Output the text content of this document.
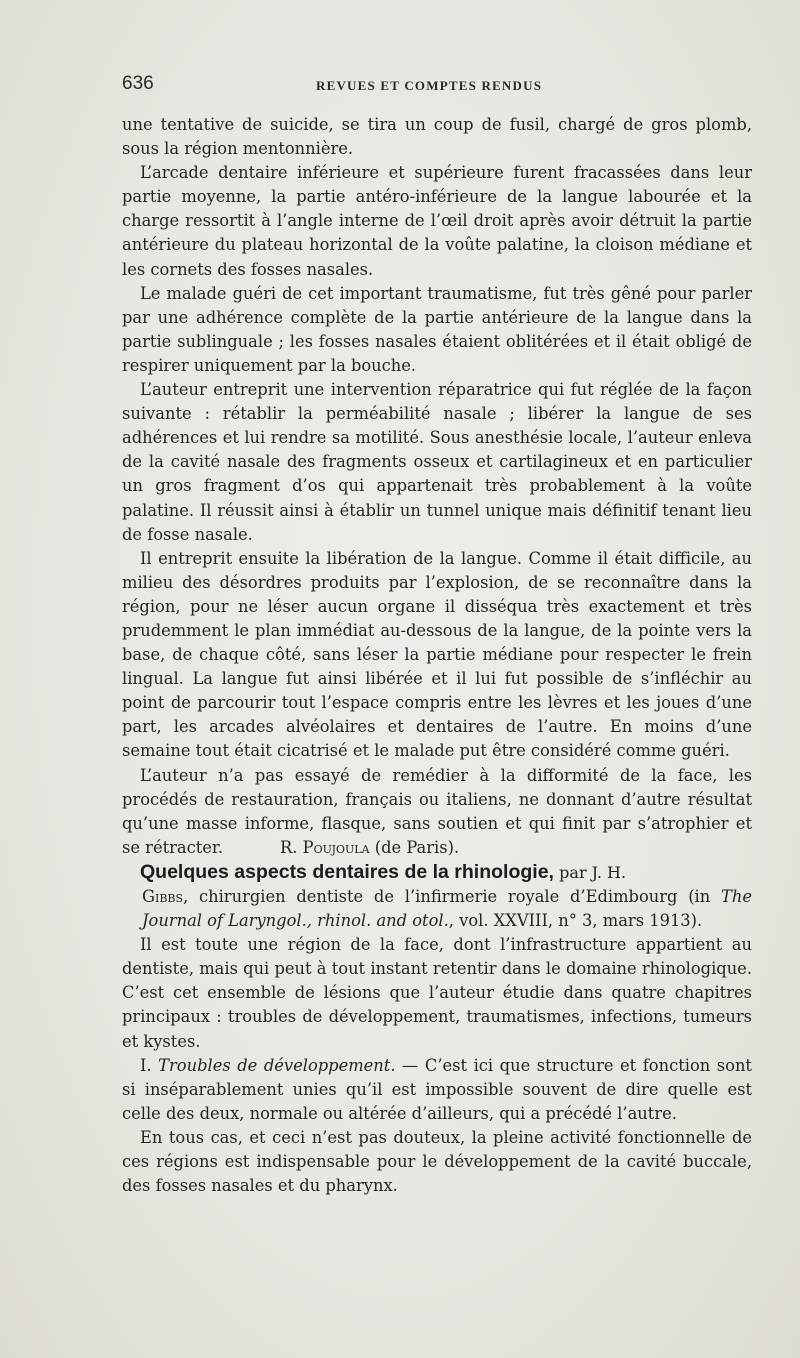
636	REVUES ET COMPTES RENDUS

une tentative de suicide, se tira un coup de fusil, chargé de gros plomb, sous la région mentonnière.

L’arcade dentaire inférieure et supérieure furent fracassées dans leur partie moyenne, la partie antéro-inférieure de la langue labourée et la charge ressortit à l’angle interne de l’œil droit après avoir détruit la partie antérieure du plateau horizontal de la voûte palatine, la cloison médiane et les cornets des fosses nasales.

Le malade guéri de cet important traumatisme, fut très gêné pour parler par une adhérence complète de la partie antérieure de la langue dans la partie sublinguale ; les fosses nasales étaient oblitérées et il était obligé de respirer uniquement par la bouche.

L’auteur entreprit une intervention réparatrice qui fut réglée de la façon suivante : rétablir la perméabilité nasale ; libérer la langue de ses adhérences et lui rendre sa motilité. Sous anesthésie locale, l’auteur enleva de la cavité nasale des fragments osseux et cartilagineux et en particulier un gros fragment d’os qui appartenait très probablement à la voûte palatine. Il réussit ainsi à établir un tunnel unique mais définitif tenant lieu de fosse nasale.

Il entreprit ensuite la libération de la langue. Comme il était difficile, au milieu des désordres produits par l’explosion, de se reconnaître dans la région, pour ne léser aucun organe il disséqua très exactement et très prudemment le plan immédiat au-dessous de la langue, de la pointe vers la base, de chaque côté, sans léser la partie médiane pour respecter le frein lingual. La langue fut ainsi libérée et il lui fut possible de s’infléchir au point de parcourir tout l’espace compris entre les lèvres et les joues d’une part, les arcades alvéolaires et dentaires de l’autre. En moins d’une semaine tout était cicatrisé et le malade put être considéré comme guéri.

L’auteur n’a pas essayé de remédier à la difformité de la face, les procédés de restauration, français ou italiens, ne donnant d’autre résultat qu’une masse informe, flasque, sans soutien et qui finit par s’atrophier et se rétracter.	R. Poujoula (de Paris).

Quelques aspects dentaires de la rhinologie, par J. H.

Gibbs, chirurgien dentiste de l’infirmerie royale d’Edimbourg (in The Journal of Laryngol., rhinol. and otol., vol. XXVIII, n° 3, mars 1913).

Il est toute une région de la face, dont l’infrastructure appartient au dentiste, mais qui peut à tout instant retentir dans le domaine rhinologique. C’est cet ensemble de lésions que l’auteur étudie dans quatre chapitres principaux : troubles de développement, traumatismes, infections, tumeurs et kystes.

I. Troubles de développement. — C’est ici que structure et fonction sont si inséparablement unies qu’il est impossible souvent de dire quelle est celle des deux, normale ou altérée d’ailleurs, qui a précédé l’autre.

En tous cas, et ceci n’est pas douteux, la pleine activité fonctionnelle de ces régions est indispensable pour le développement de la cavité buccale, des fosses nasales et du pharynx.
